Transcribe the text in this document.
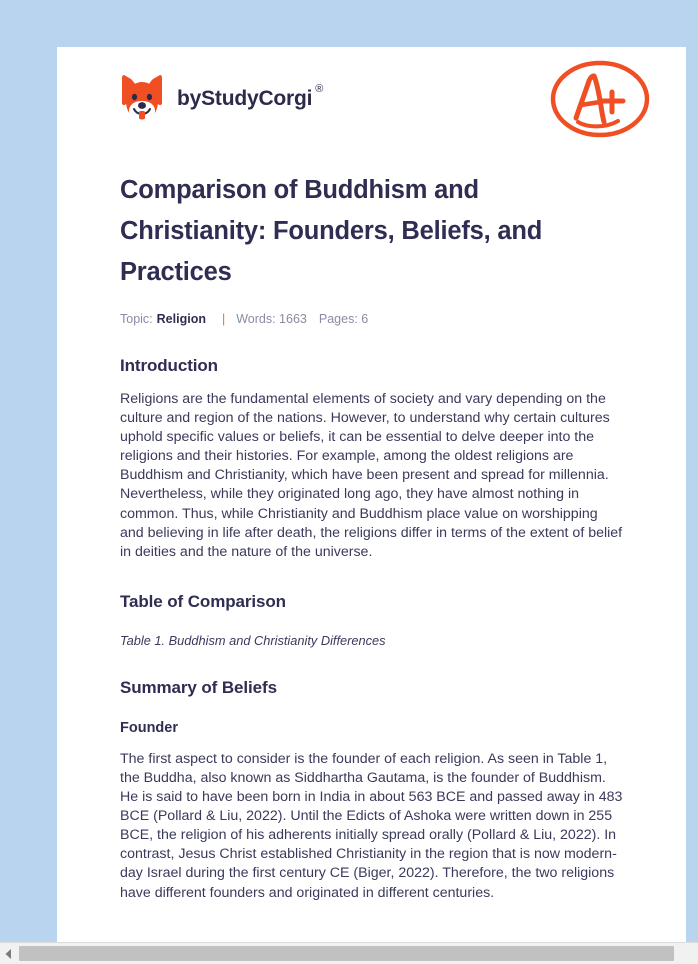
by StudyCorgi ®
Comparison of Buddhism and Christianity: Founders, Beliefs, and Practices
Topic: Religion | Words: 1663 Pages: 6
Introduction

Religions are the fundamental elements of society and vary depending on the culture and region of the nations. However, to understand why certain cultures uphold specific values or beliefs, it can be essential to delve deeper into the religions and their histories. For example, among the oldest religions are Buddhism and Christianity, which have been present and spread for millennia. Nevertheless, while they originated long ago, they have almost nothing in common. Thus, while Christianity and Buddhism place value on worshipping and believing in life after death, the religions differ in terms of the extent of belief in deities and the nature of the universe.

Table of Comparison

Table 1. Buddhism and Christianity Differences

Summary of Beliefs
Founder

The first aspect to consider is the founder of each religion. As seen in Table 1, the Buddha, also known as Siddhartha Gautama, is the founder of Buddhism. He is said to have been born in India in about 563 BCE and passed away in 483 BCE (Pollard & Liu, 2022). Until the Edicts of Ashoka were written down in 255 BCE, the religion of his adherents initially spread orally (Pollard & Liu, 2022). In contrast, Jesus Christ established Christianity in the region that is now modern-day Israel during the first century CE (Biger, 2022). Therefore, the two religions have different founders and originated in different centuries.
